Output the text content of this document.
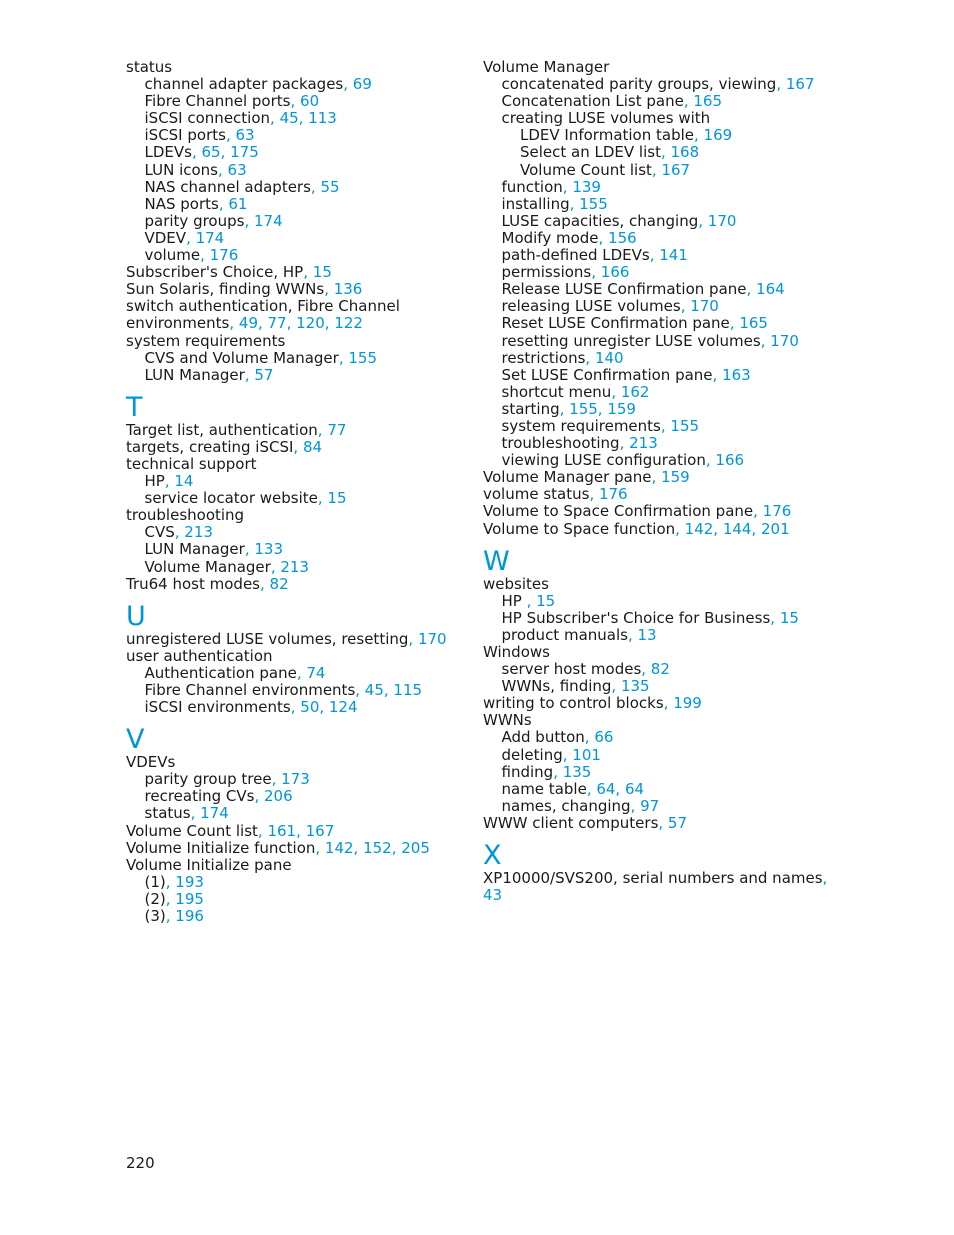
status
channel adapter packages, 69
Fibre Channel ports, 60
iSCSI connection, 45, 113
iSCSI ports, 63
LDEVs, 65, 175
LUN icons, 63
NAS channel adapters, 55
NAS ports, 61
parity groups, 174
VDEV, 174
volume, 176
Subscriber's Choice, HP, 15
Sun Solaris, finding WWNs, 136
switch authentication, Fibre Channel
environments, 49, 77, 120, 122
system requirements
CVS and Volume Manager, 155
LUN Manager, 57
T
Target list, authentication, 77
targets, creating iSCSI, 84
technical support
HP, 14
service locator website, 15
troubleshooting
CVS, 213
LUN Manager, 133
Volume Manager, 213
Tru64 host modes, 82
U
unregistered LUSE volumes, resetting, 170
user authentication
Authentication pane, 74
Fibre Channel environments, 45, 115
iSCSI environments, 50, 124
V
VDEVs
parity group tree, 173
recreating CVs, 206
status, 174
Volume Count list, 161, 167
Volume Initialize function, 142, 152, 205
Volume Initialize pane
(1), 193
(2), 195
(3), 196
Volume Manager
concatenated parity groups, viewing, 167
Concatenation List pane, 165
creating LUSE volumes with
LDEV Information table, 169
Select an LDEV list, 168
Volume Count list, 167
function, 139
installing, 155
LUSE capacities, changing, 170
Modify mode, 156
path-defined LDEVs, 141
permissions, 166
Release LUSE Confirmation pane, 164
releasing LUSE volumes, 170
Reset LUSE Confirmation pane, 165
resetting unregister LUSE volumes, 170
restrictions, 140
Set LUSE Confirmation pane, 163
shortcut menu, 162
starting, 155, 159
system requirements, 155
troubleshooting, 213
viewing LUSE configuration, 166
Volume Manager pane, 159
volume status, 176
Volume to Space Confirmation pane, 176
Volume to Space function, 142, 144, 201
W
websites
HP , 15
HP Subscriber's Choice for Business, 15
product manuals, 13
Windows
server host modes, 82
WWNs, finding, 135
writing to control blocks, 199
WWNs
Add button, 66
deleting, 101
finding, 135
name table, 64, 64
names, changing, 97
WWW client computers, 57
X
XP10000/SVS200, serial numbers and names,
43
220
